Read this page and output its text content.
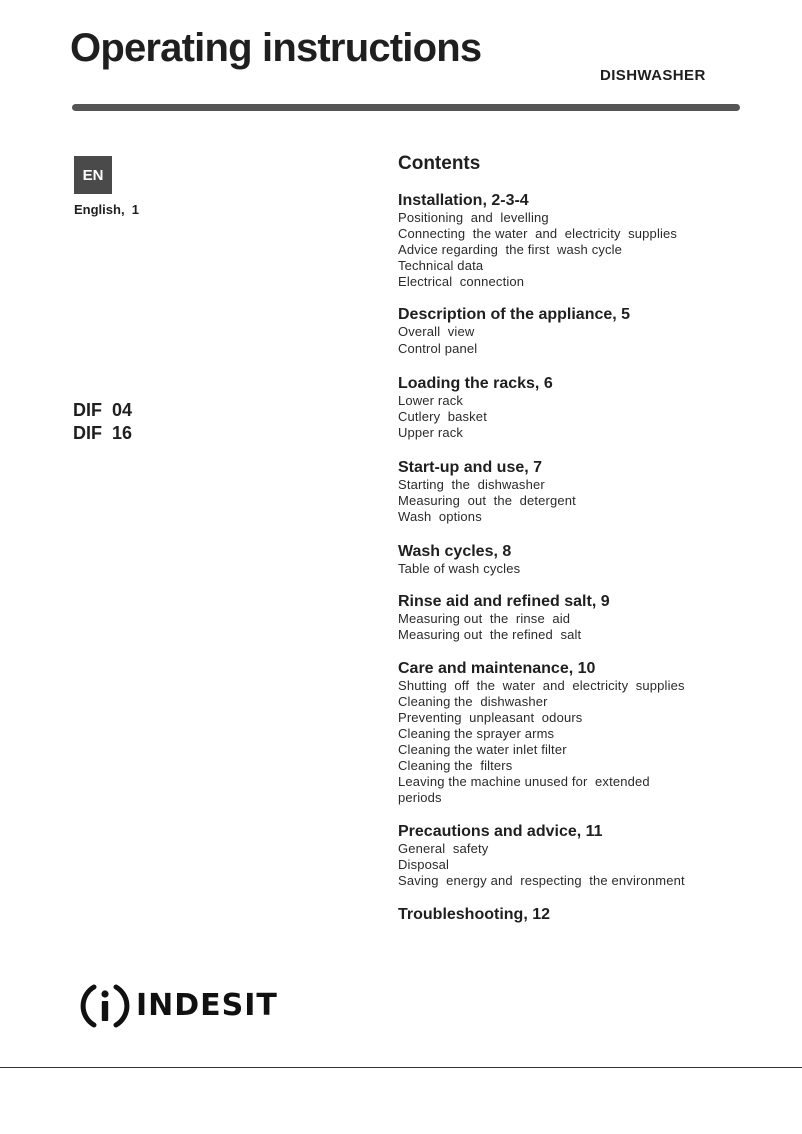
Operating instructions
DISHWASHER
EN
English,  1
DIF  04
DIF  16
Contents
Installation, 2-3-4
Positioning  and  levelling
Connecting  the water  and  electricity  supplies
Advice regarding  the first  wash cycle
Technical data
Electrical  connection
Description of the appliance, 5
Overall  view
Control panel
Loading the racks, 6
Lower rack
Cutlery  basket
Upper rack
Start-up and use, 7
Starting  the  dishwasher
Measuring  out  the  detergent
Wash  options
Wash cycles, 8
Table of wash cycles
Rinse aid and refined salt, 9
Measuring out  the  rinse  aid
Measuring out  the refined  salt
Care and maintenance, 10
Shutting  off  the  water  and  electricity  supplies
Cleaning the  dishwasher
Preventing  unpleasant  odours
Cleaning the sprayer arms
Cleaning the water inlet filter
Cleaning the  filters
Leaving the machine unused for  extended
periods
Precautions and advice, 11
General  safety
Disposal
Saving  energy and  respecting  the environment
Troubleshooting, 12
INDESIT
